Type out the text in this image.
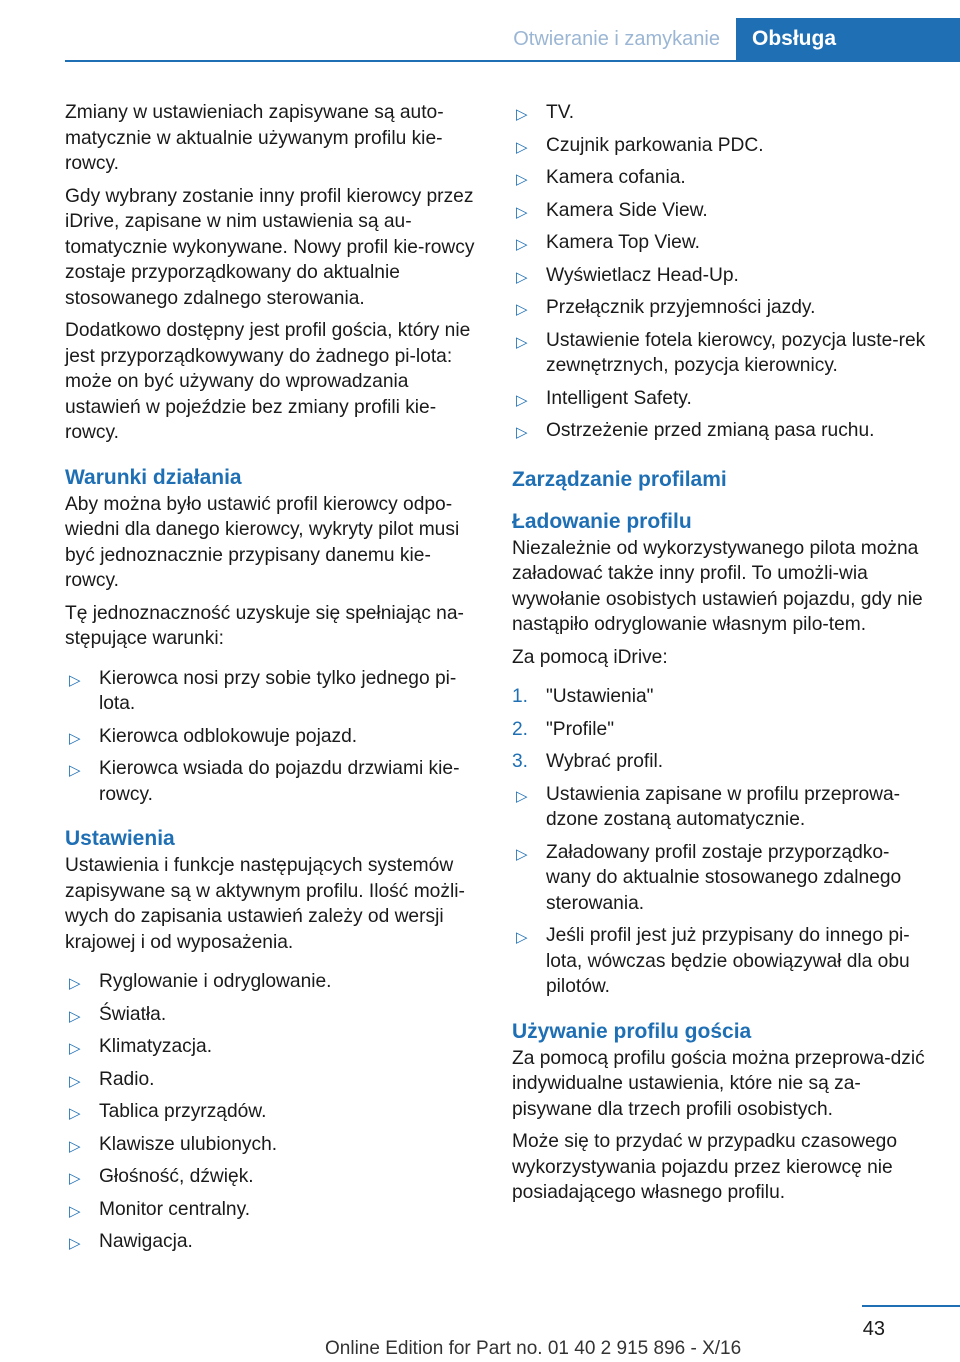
Otwieranie i zamykanie	Obsługa

Zmiany w ustawieniach zapisywane są auto-matycznie w aktualnie używanym profilu kie-rowcy.

Gdy wybrany zostanie inny profil kierowcy przez iDrive, zapisane w nim ustawienia są au-tomatycznie wykonywane. Nowy profil kie-rowcy zostaje przyporządkowany do aktualnie stosowanego zdalnego sterowania.

Dodatkowo dostępny jest profil gościa, który nie jest przyporządkowywany do żadnego pi-lota: może on być używany do wprowadzania ustawień w pojeździe bez zmiany profili kie-rowcy.

Warunki działania

Aby można było ustawić profil kierowcy odpo-wiedni dla danego kierowcy, wykryty pilot musi być jednoznacznie przypisany danemu kie-rowcy.

Tę jednoznaczność uzyskuje się spełniając na-stępujące warunki:

▷ Kierowca nosi przy sobie tylko jednego pi-lota.
▷ Kierowca odblokowuje pojazd.
▷ Kierowca wsiada do pojazdu drzwiami kie-rowcy.
Ustawienia

Ustawienia i funkcje następujących systemów zapisywane są w aktywnym profilu. Ilość możli-wych do zapisania ustawień zależy od wersji krajowej i od wyposażenia.

▷ Ryglowanie i odryglowanie.
▷ Światła.
▷ Klimatyzacja.
▷ Radio.
▷ Tablica przyrządów.
▷ Klawisze ulubionych.
▷ Głośność, dźwięk.
▷ Monitor centralny.
▷ Nawigacja.
▷ TV.
▷ Czujnik parkowania PDC.
▷ Kamera cofania.
▷ Kamera Side View.
▷ Kamera Top View.
▷ Wyświetlacz Head-Up.
▷ Przełącznik przyjemności jazdy.
▷ Ustawienie fotela kierowcy, pozycja luste-rek zewnętrznych, pozycja kierownicy.
▷ Intelligent Safety.
▷ Ostrzeżenie przed zmianą pasa ruchu.
Zarządzanie profilami
Ładowanie profilu

Niezależnie od wykorzystywanego pilota można załadować także inny profil. To umożli-wia wywołanie osobistych ustawień pojazdu, gdy nie nastąpiło odryglowanie własnym pilo-tem.

Za pomocą iDrive:

1. "Ustawienia"
2. "Profile"
3. Wybrać profil.
▷ Ustawienia zapisane w profilu przeprowa-dzone zostaną automatycznie.
▷ Załadowany profil zostaje przyporządko-wany do aktualnie stosowanego zdalnego sterowania.
▷ Jeśli profil jest już przypisany do innego pi-lota, wówczas będzie obowiązywał dla obu pilotów.
Używanie profilu gościa

Za pomocą profilu gościa można przeprowa-dzić indywidualne ustawienia, które nie są za-pisywane dla trzech profili osobistych.

Może się to przydać w przypadku czasowego wykorzystywania pojazdu przez kierowcę nie posiadającego własnego profilu.

43
Online Edition for Part no. 01 40 2 915 896 - X/16
